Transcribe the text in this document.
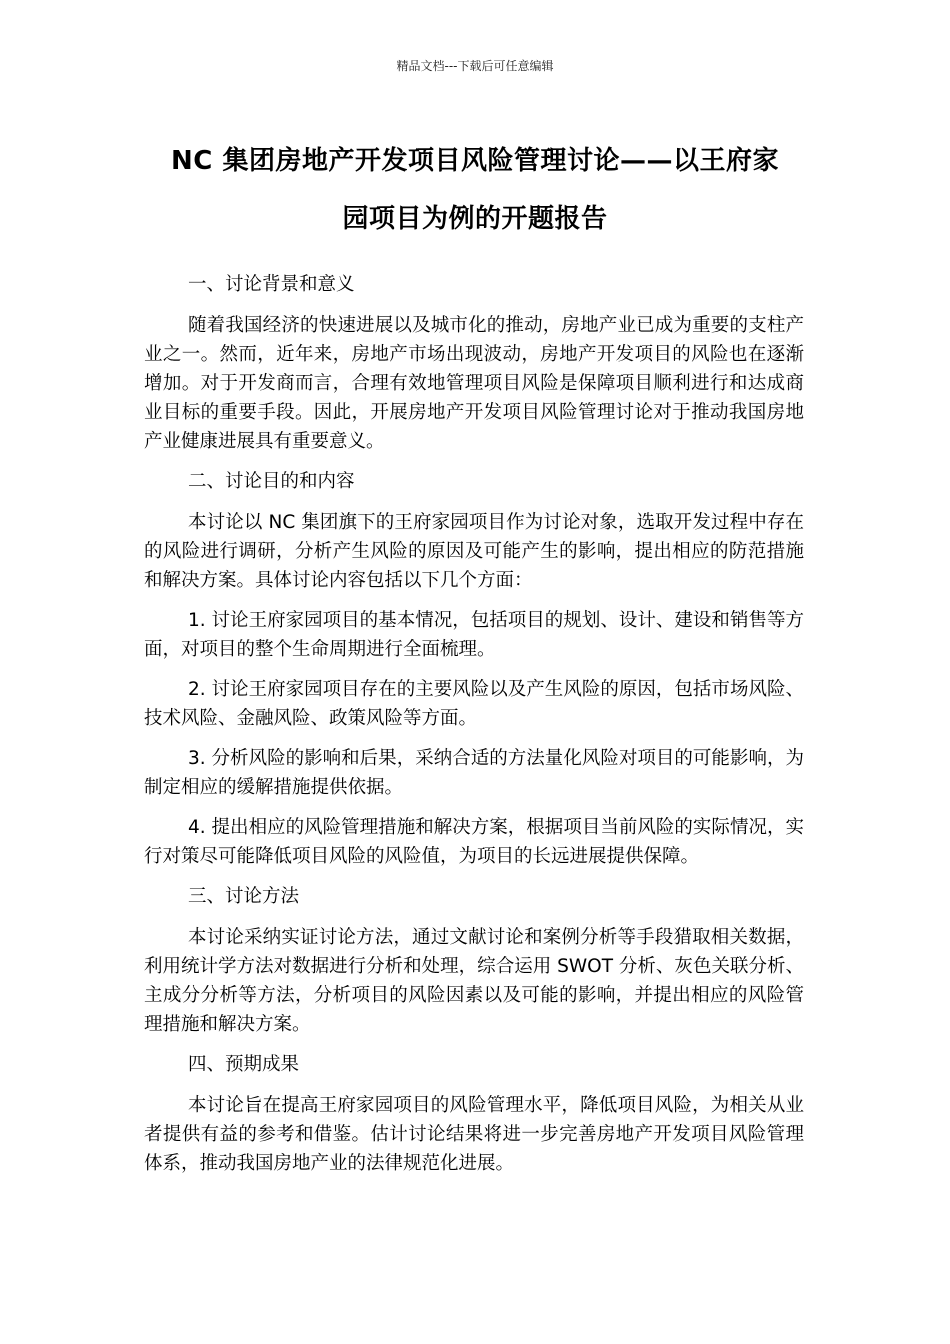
精品文档---下载后可任意编辑
NC 集团房地产开发项目风险管理讨论——以王府家
园项目为例的开题报告

一、讨论背景和意义

随着我国经济的快速进展以及城市化的推动，房地产业已成为重要的支柱产业之一。然而，近年来，房地产市场出现波动，房地产开发项目的风险也在逐渐增加。对于开发商而言，合理有效地管理项目风险是保障项目顺利进行和达成商业目标的重要手段。因此，开展房地产开发项目风险管理讨论对于推动我国房地产业健康进展具有重要意义。

二、讨论目的和内容

本讨论以 NC 集团旗下的王府家园项目作为讨论对象，选取开发过程中存在的风险进行调研，分析产生风险的原因及可能产生的影响，提出相应的防范措施和解决方案。具体讨论内容包括以下几个方面：

1. 讨论王府家园项目的基本情况，包括项目的规划、设计、建设和销售等方面，对项目的整个生命周期进行全面梳理。

2. 讨论王府家园项目存在的主要风险以及产生风险的原因，包括市场风险、技术风险、金融风险、政策风险等方面。

3. 分析风险的影响和后果，采纳合适的方法量化风险对项目的可能影响，为制定相应的缓解措施提供依据。

4. 提出相应的风险管理措施和解决方案，根据项目当前风险的实际情况，实行对策尽可能降低项目风险的风险值，为项目的长远进展提供保障。

三、讨论方法

本讨论采纳实证讨论方法，通过文献讨论和案例分析等手段猎取相关数据，利用统计学方法对数据进行分析和处理，综合运用 SWOT 分析、灰色关联分析、主成分分析等方法，分析项目的风险因素以及可能的影响，并提出相应的风险管理措施和解决方案。

四、预期成果

本讨论旨在提高王府家园项目的风险管理水平，降低项目风险，为相关从业者提供有益的参考和借鉴。估计讨论结果将进一步完善房地产开发项目风险管理体系，推动我国房地产业的法律规范化进展。
